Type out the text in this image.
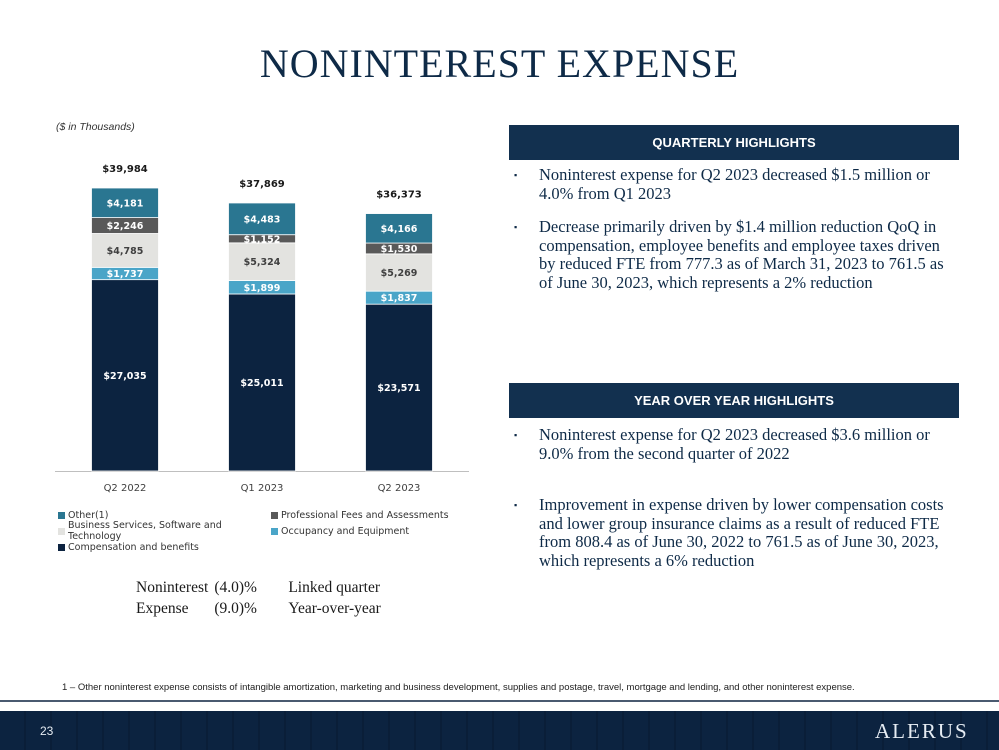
NONINTEREST EXPENSE
($ in Thousands)
$27,035
$1,737
$4,785
$2,246
$4,181
$39,984
Q2 2022
$25,011
$1,899
$5,324
$1,152
$4,483
$37,869
Q1 2023
$23,571
$1,837
$5,269
$1,530
$4,166
$36,373
Q2 2023
Other(1)	Professional Fees and Assessments
Business Services, Software and Technology	Occupancy and Equipment
Compensation and benefits
Noninterest	(4.0)%	Linked quarter
Expense	(9.0)%	Year-over-year
QUARTERLY HIGHLIGHTS
▪	Noninterest expense for Q2 2023 decreased $1.5 million or 4.0% from Q1 2023
▪	Decrease primarily driven by $1.4 million reduction QoQ in compensation, employee benefits and employee taxes driven by reduced FTE from 777.3 as of March 31, 2023 to 761.5 as of June 30, 2023, which represents a 2% reduction
YEAR OVER YEAR HIGHLIGHTS
▪	Noninterest expense for Q2 2023 decreased $3.6 million or 9.0% from the second quarter of 2022
▪	Improvement in expense driven by lower compensation costs and lower group insurance claims as a result of reduced FTE from 808.4 as of June 30, 2022 to 761.5 as of June 30, 2023, which represents a 6% reduction
1 – Other noninterest expense consists of intangible amortization, marketing and business development, supplies and postage, travel, mortgage and lending, and other noninterest expense.
23	ALERUS
